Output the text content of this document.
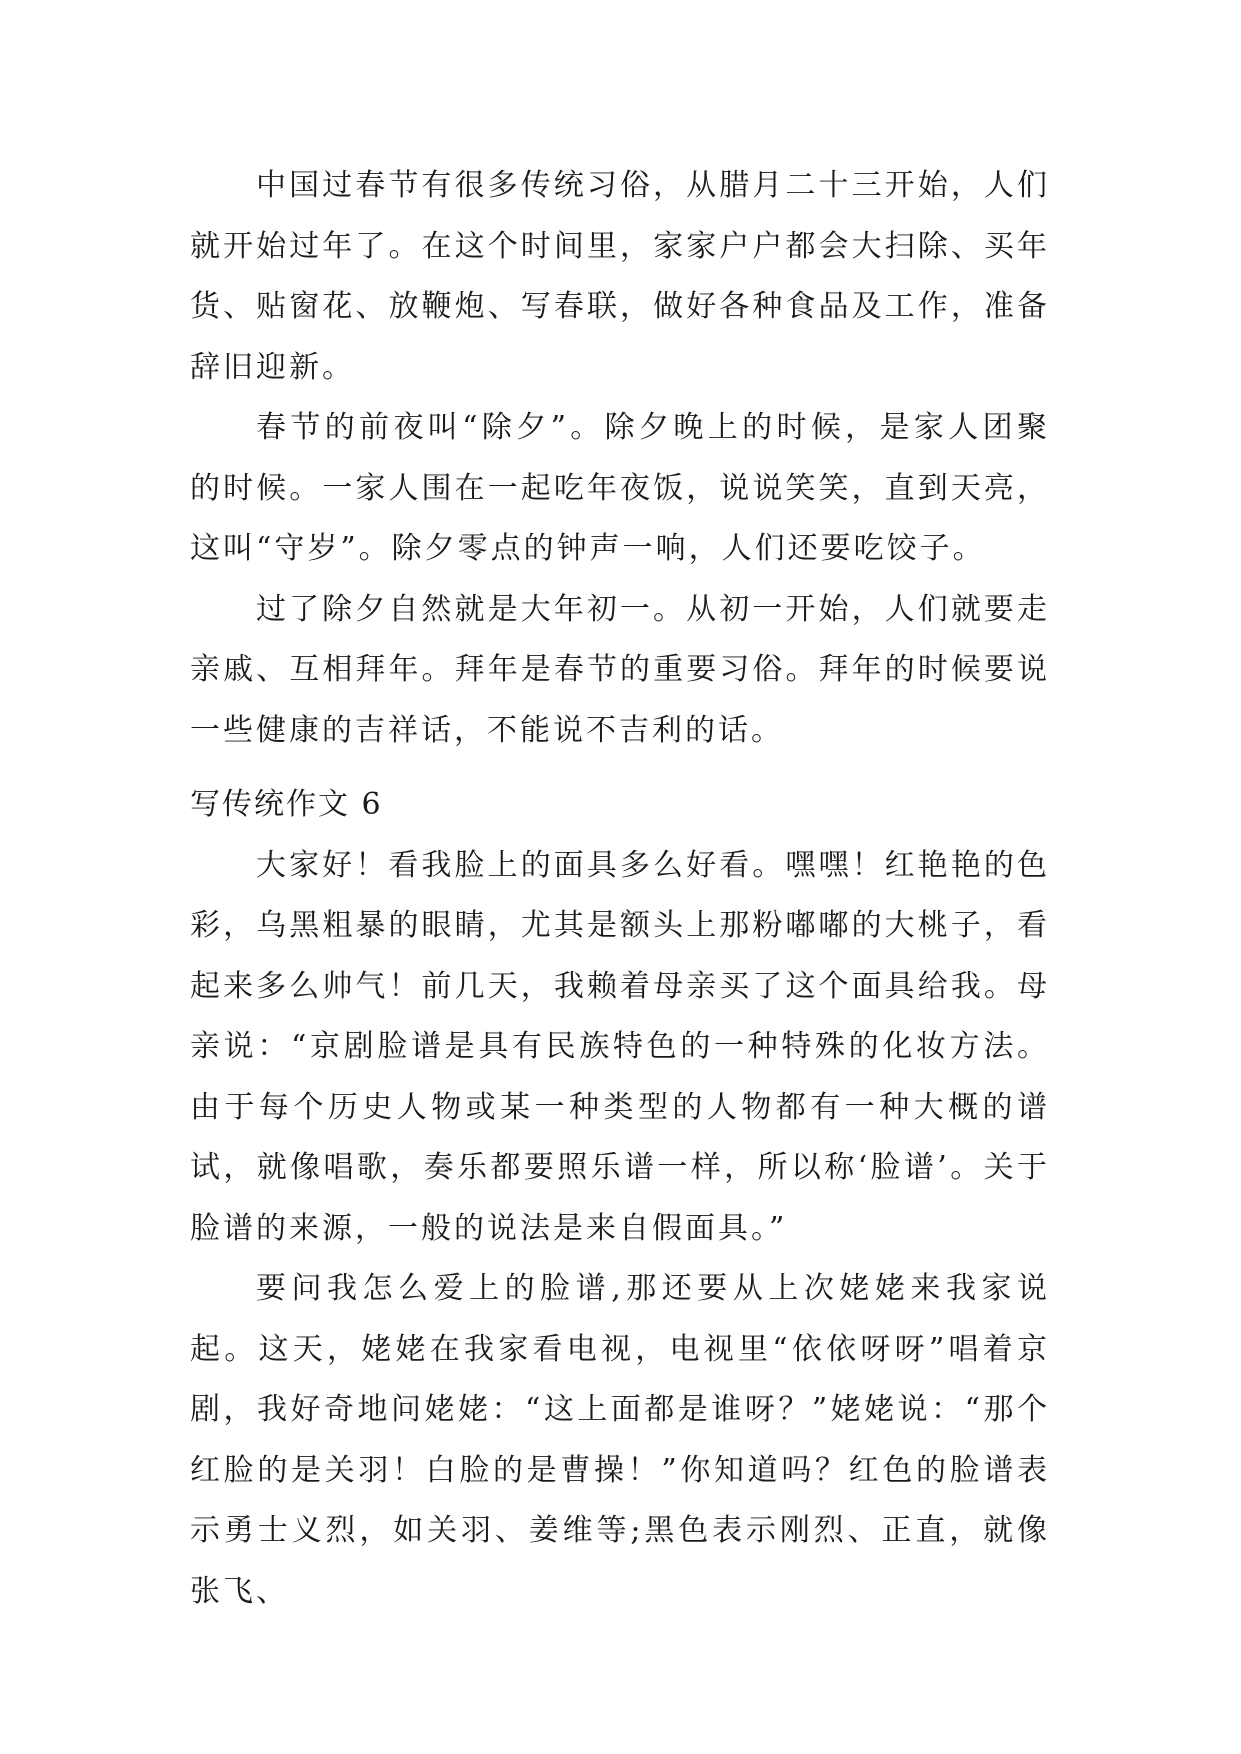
中国过春节有很多传统习俗，从腊月二十三开始，人们就开始过年了。在这个时间里，家家户户都会大扫除、买年货、贴窗花、放鞭炮、写春联，做好各种食品及工作，准备辞旧迎新。

春节的前夜叫“除夕”。除夕晚上的时候，是家人团聚的时候。一家人围在一起吃年夜饭，说说笑笑，直到天亮，这叫“守岁”。除夕零点的钟声一响，人们还要吃饺子。

过了除夕自然就是大年初一。从初一开始，人们就要走亲戚、互相拜年。拜年是春节的重要习俗。拜年的时候要说一些健康的吉祥话，不能说不吉利的话。

写传统作文 6

大家好！看我脸上的面具多么好看。嘿嘿！红艳艳的色彩，乌黑粗暴的眼睛，尤其是额头上那粉嘟嘟的大桃子，看起来多么帅气！前几天，我赖着母亲买了这个面具给我。母亲说：“京剧脸谱是具有民族特色的一种特殊的化妆方法。由于每个历史人物或某一种类型的人物都有一种大概的谱试，就像唱歌，奏乐都要照乐谱一样，所以称‘脸谱’。关于脸谱的来源，一般的说法是来自假面具。”

要问我怎么爱上的脸谱,那还要从上次姥姥来我家说起。这天，姥姥在我家看电视，电视里“依依呀呀”唱着京剧，我好奇地问姥姥：“这上面都是谁呀？”姥姥说：“那个红脸的是关羽！白脸的是曹操！”你知道吗？红色的脸谱表示勇士义烈，如关羽、姜维等;黑色表示刚烈、正直，就像张飞、
